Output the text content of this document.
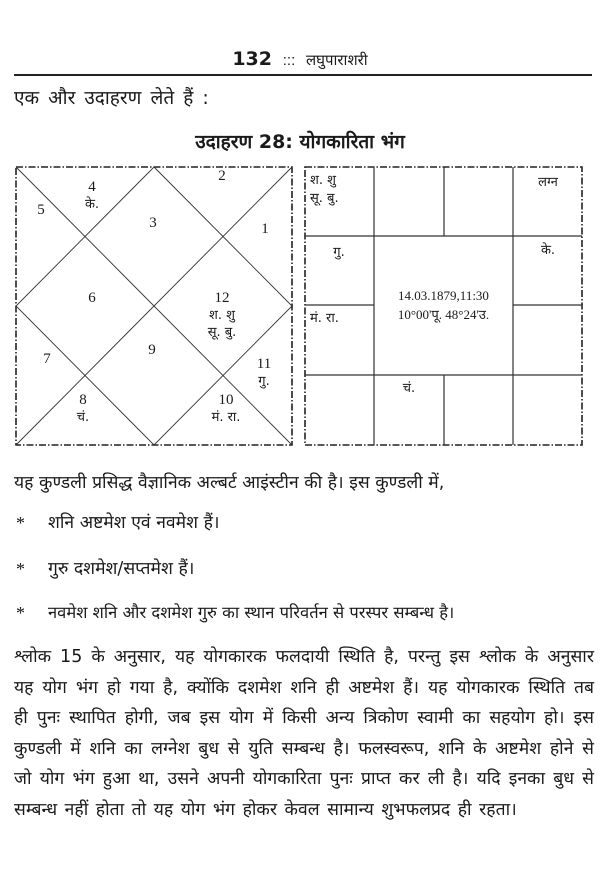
132 ::: लघुपाराशरी
एक और उदाहरण लेते हैं :
उदाहरण 28: योगकारिता भंग
2
4
के.
5
3	1
6	12
श. शु
सू. बु.
9
7	11
गु.
8
चं.
10
मं. रा.
श. शु
सू. बु.
लग्न
गु.	के.
मं. रा.
चं.
14.03.1879,11:30
10°00'पू. 48°24'उ.
यह कुण्डली प्रसिद्ध वैज्ञानिक अल्बर्ट आइंस्टीन की है। इस कुण्डली में,
* शनि अष्टमेश एवं नवमेश हैं।
* गुरु दशमेश/सप्तमेश हैं।
* नवमेश शनि और दशमेश गुरु का स्थान परिवर्तन से परस्पर सम्बन्ध है।
श्लोक 15 के अनुसार, यह योगकारक फलदायी स्थिति है, परन्तु इस श्लोक के अनुसार यह योग भंग हो गया है, क्योंकि दशमेश शनि ही अष्टमेश हैं। यह योगकारक स्थिति तब ही पुनः स्थापित होगी, जब इस योग में किसी अन्य त्रिकोण स्वामी का सहयोग हो। इस कुण्डली में शनि का लग्नेश बुध से युति सम्बन्ध है। फलस्वरूप, शनि के अष्टमेश होने से जो योग भंग हुआ था, उसने अपनी योगकारिता पुनः प्राप्त कर ली है। यदि इनका बुध से सम्बन्ध नहीं होता तो यह योग भंग होकर केवल सामान्य शुभफलप्रद ही रहता।
